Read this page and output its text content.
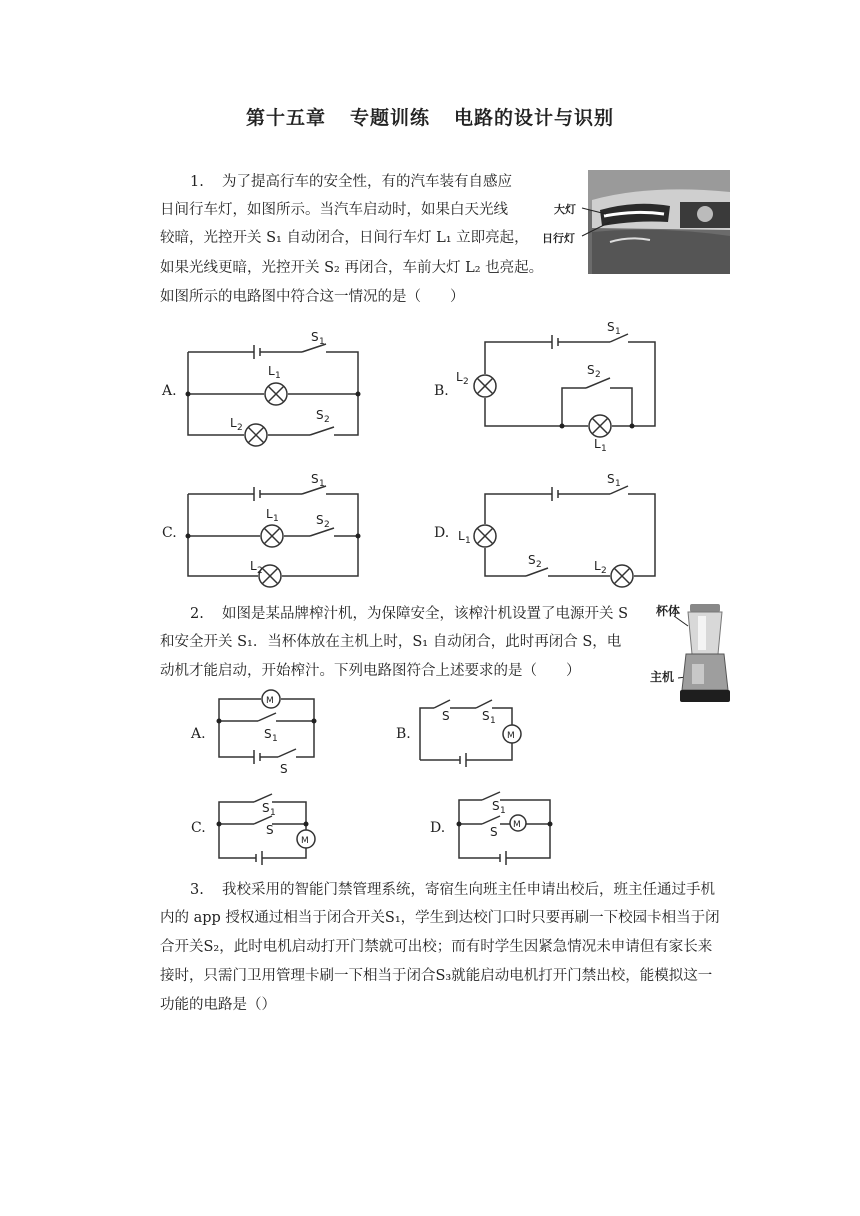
第十五章 专题训练 电路的设计与识别

1. 为了提高行车的安全性，有的汽车装有自感应

日间行车灯，如图所示。当汽车启动时，如果白天光线

较暗，光控开关 S₁ 自动闭合，日间行车灯 L₁ 立即亮起，

如果光线更暗，光控开关 S₂ 再闭合，车前大灯 L₂ 也亮起。

如图所示的电路图中符合这一情况的是（　　）

大灯
日行灯
A.	B.
C.	D.
S 1
L 1
L 2
S 2
S 1
L 2
S 2
L 1
S 1
L 1	S 2
L 2
S 1
L 1
S 2	L 2

2. 如图是某品牌榨汁机，为保障安全，该榨汁机设置了电源开关 S

和安全开关 S₁．当杯体放在主机上时，S₁ 自动闭合，此时再闭合 S，电

动机才能启动，开始榨汁。下列电路图符合上述要求的是（　　）

杯体
主机
A.	B.
C.	D.
M
S 1
S
M
S	S 1
M
S 1
S	M
S 1
S

3. 我校采用的智能门禁管理系统，寄宿生向班主任申请出校后，班主任通过手机

内的 app 授权通过相当于闭合开关S₁，学生到达校门口时只要再刷一下校园卡相当于闭

合开关S₂，此时电机启动打开门禁就可出校；而有时学生因紧急情况未申请但有家长来

接时，只需门卫用管理卡刷一下相当于闭合S₃就能启动电机打开门禁出校，能模拟这一

功能的电路是（）
